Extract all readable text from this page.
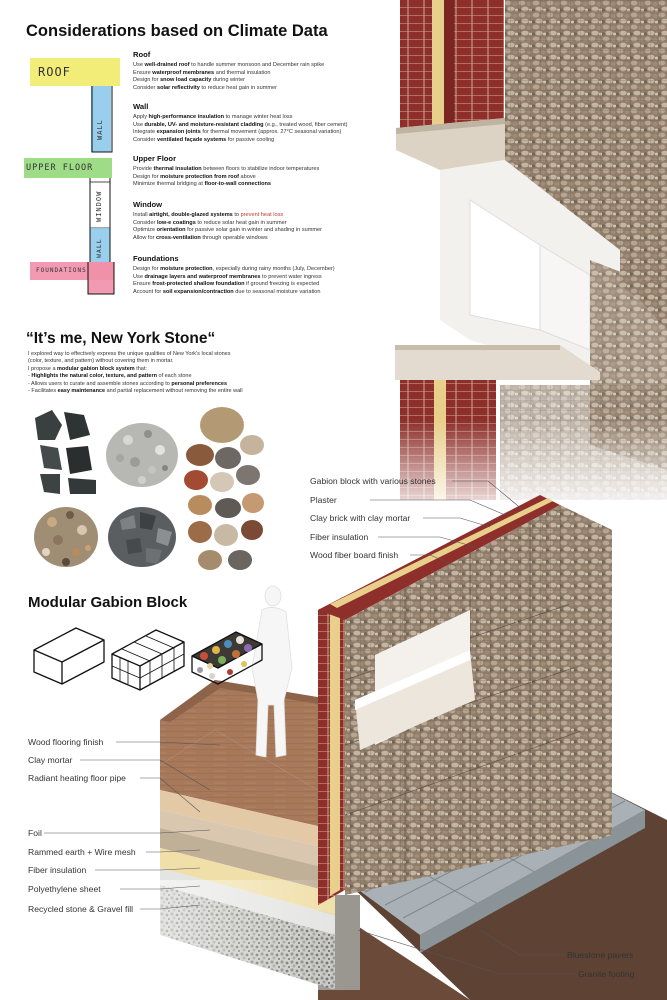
ROOF
WALL
UPPER FLOOR
WINDOW
WALL
FOUNDATIONS
Considerations based on Climate Data
Roof
Use well-drained roof to handle summer monsoon and December rain spike
Ensure waterproof membranes and thermal insulation
Design for snow load capacity during winter
Consider solar reflectivity to reduce heat gain in summer
Wall
Apply high-performance insulation to manage winter heat loss
Use durable, UV- and moisture-resistant cladding (e.g., treated wood, fiber cement)
Integrate expansion joints for thermal movement (approx. 27°C seasonal variation)
Consider ventilated façade systems for passive cooling
Upper Floor
Provide thermal insulation between floors to stabilize indoor temperatures
Design for moisture protection from roof above
Minimize thermal bridging at floor-to-wall connections
Window
Install airtight, double-glazed systems to prevent heat loss
Consider low-e coatings to reduce solar heat gain in summer
Optimize orientation for passive solar gain in winter and shading in summer
Allow for cross-ventilation through operable windows
Foundations
Design for moisture protection, especially during rainy months (July, December)
Use drainage layers and waterproof membranes to prevent water ingress
Ensure frost-protected shallow foundation if ground freezing is expected
Account for soil expansion/contraction due to seasonal moisture variation
“It’s me, New York Stone“
I explored way to effectively express the unique qualities of New York’s local stones
(color, texture, and pattern) without covering them in mortar.
I propose a modular gabion block system that:
- Highlights the natural color, texture, and pattern of each stone
- Allows users to curate and assemble stones according to personal preferences
- Facilitates easy maintenance and partial replacement without removing the entire wall
Modular Gabion Block
Gabion block with various stones
Plaster
Clay brick with clay mortar
Fiber insulation
Wood fiber board finish
Wood flooring finish
Clay mortar
Radiant heating floor pipe
Foil
Rammed earth + Wire mesh
Fiber insulation
Polyethylene sheet
Recycled stone & Gravel fill
Bluestone pavers
Granite footing
